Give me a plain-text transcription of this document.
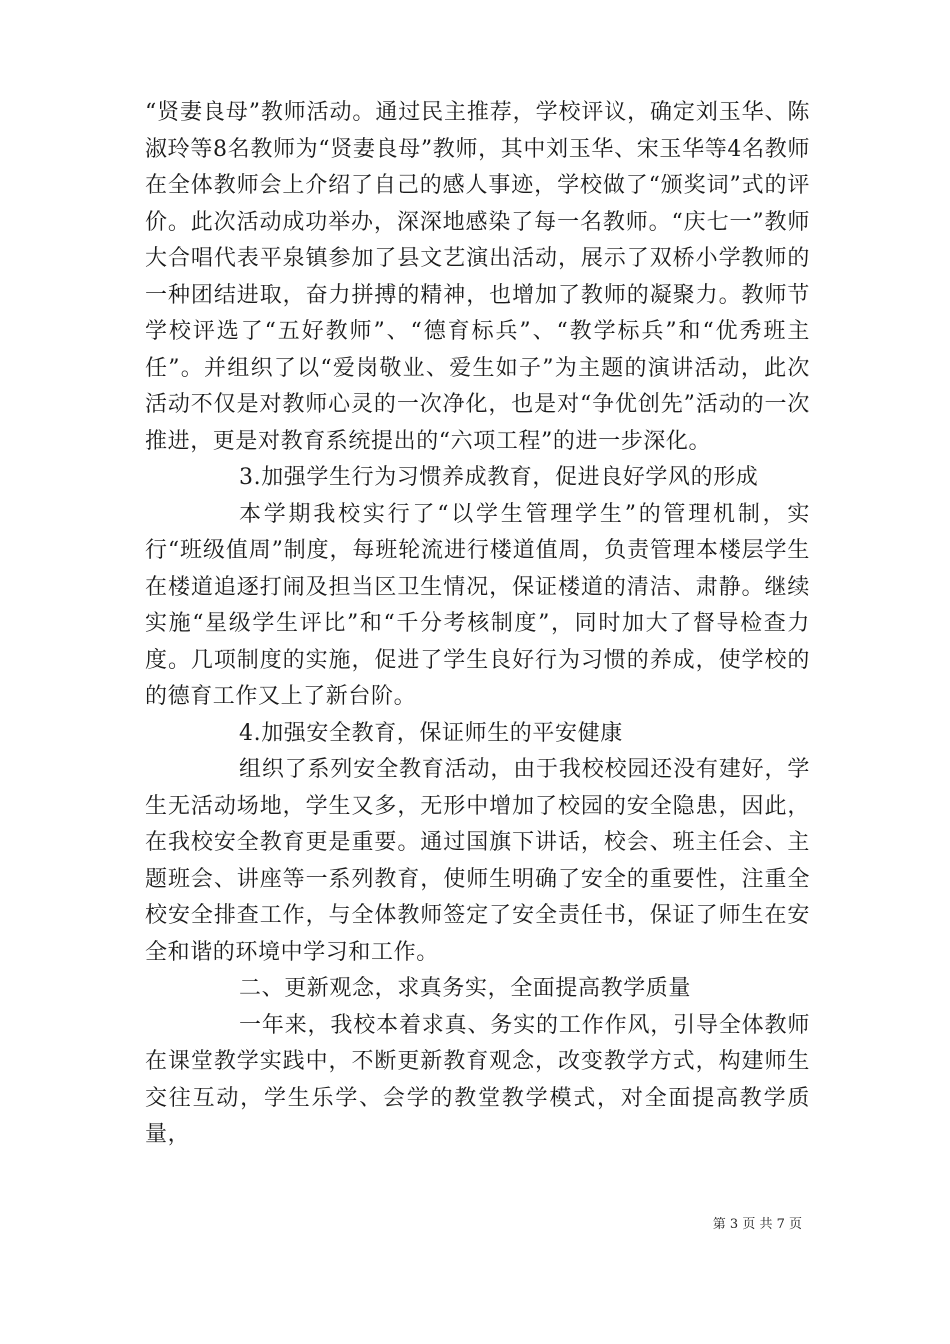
“贤妻良母”教师活动。通过民主推荐，学校评议，确定刘玉华、陈淑玲等8名教师为“贤妻良母”教师，其中刘玉华、宋玉华等4名教师在全体教师会上介绍了自己的感人事迹，学校做了“颁奖词”式的评价。此次活动成功举办，深深地感染了每一名教师。“庆七一”教师大合唱代表平泉镇参加了县文艺演出活动，展示了双桥小学教师的一种团结进取，奋力拼搏的精神，也增加了教师的凝聚力。教师节学校评选了“五好教师”、“德育标兵”、“教学标兵”和“优秀班主任”。并组织了以“爱岗敬业、爱生如子”为主题的演讲活动，此次活动不仅是对教师心灵的一次净化，也是对“争优创先”活动的一次推进，更是对教育系统提出的“六项工程”的进一步深化。

3.加强学生行为习惯养成教育，促进良好学风的形成

本学期我校实行了“以学生管理学生”的管理机制，实行“班级值周”制度，每班轮流进行楼道值周，负责管理本楼层学生在楼道追逐打闹及担当区卫生情况，保证楼道的清洁、肃静。继续实施“星级学生评比”和“千分考核制度”，同时加大了督导检查力度。几项制度的实施，促进了学生良好行为习惯的养成，使学校的的德育工作又上了新台阶。

4.加强安全教育，保证师生的平安健康

组织了系列安全教育活动，由于我校校园还没有建好，学生无活动场地，学生又多，无形中增加了校园的安全隐患，因此，在我校安全教育更是重要。通过国旗下讲话，校会、班主任会、主题班会、讲座等一系列教育，使师生明确了安全的重要性，注重全校安全排查工作，与全体教师签定了安全责任书，保证了师生在安全和谐的环境中学习和工作。

二、更新观念，求真务实，全面提高教学质量

一年来，我校本着求真、务实的工作作风，引导全体教师在课堂教学实践中，不断更新教育观念，改变教学方式，构建师生交往互动，学生乐学、会学的教堂教学模式，对全面提高教学质量，

第 3 页 共 7 页
